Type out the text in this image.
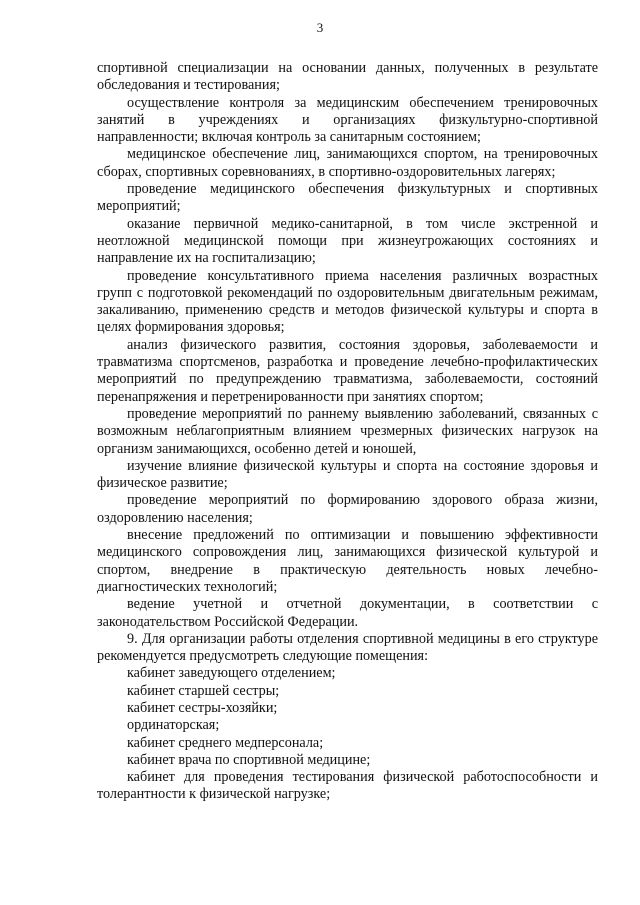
3

спортивной специализации на основании данных, полученных в результате обследования и тестирования;

осуществление контроля за медицинским обеспечением тренировочных занятий в учреждениях и организациях физкультурно-спортивной направленности; включая контроль за санитарным состоянием;

медицинское обеспечение лиц, занимающихся спортом, на тренировочных сборах, спортивных соревнованиях, в спортивно-оздоровительных лагерях;

проведение медицинского обеспечения физкультурных и спортивных мероприятий;

оказание первичной медико-санитарной, в том числе экстренной и неотложной медицинской помощи при жизнеугрожающих состояниях и направление их на госпитализацию;

проведение консультативного приема населения различных возрастных групп с подготовкой рекомендаций по оздоровительным двигательным режимам, закаливанию, применению средств и методов физической культуры и спорта в целях формирования здоровья;

анализ физического развития, состояния здоровья, заболеваемости и травматизма спортсменов, разработка и проведение лечебно-профилактических мероприятий по предупреждению травматизма, заболеваемости, состояний перенапряжения и перетренированности при занятиях спортом;

проведение мероприятий по раннему выявлению заболеваний, связанных с возможным неблагоприятным влиянием чрезмерных физических нагрузок на организм занимающихся, особенно детей и юношей,

изучение влияние физической культуры и спорта на состояние здоровья и физическое развитие;

проведение мероприятий по формированию здорового образа жизни, оздоровлению населения;

внесение предложений по оптимизации и повышению эффективности медицинского сопровождения лиц, занимающихся физической культурой и спортом, внедрение в практическую деятельность новых лечебно-диагностических технологий;

ведение учетной и отчетной документации, в соответствии с законодательством Российской Федерации.

9. Для организации работы отделения спортивной медицины в его структуре рекомендуется предусмотреть следующие помещения:

кабинет заведующего отделением;

кабинет старшей сестры;

кабинет сестры-хозяйки;

ординаторская;

кабинет среднего медперсонала;

кабинет врача по спортивной медицине;

кабинет для проведения тестирования физической работоспособности и толерантности к физической нагрузке;
